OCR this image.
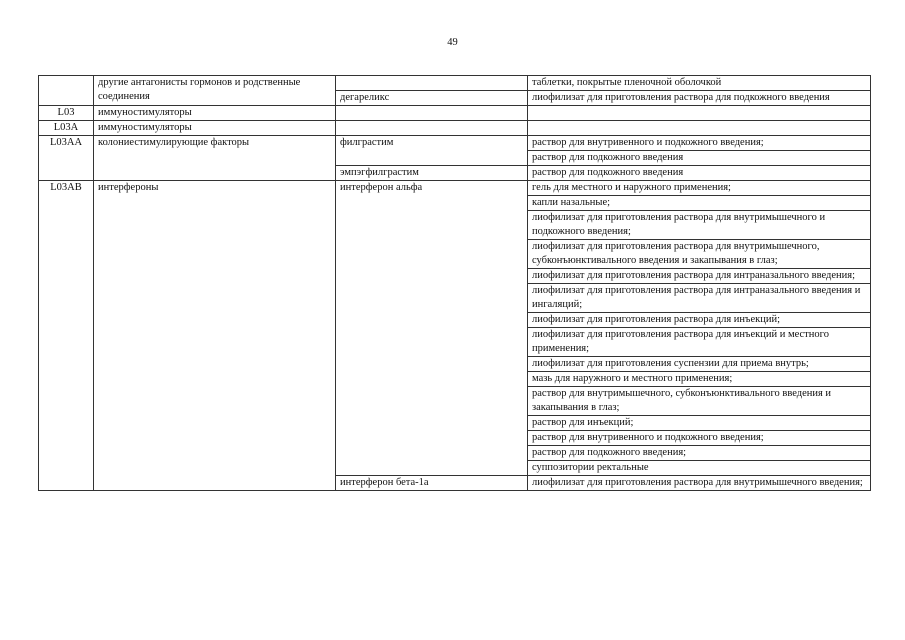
49
	другие антагонисты гормонов и родственные соединения		таблетки, покрытые пленочной оболочкой
		дегареликс	лиофилизат для приготовления раствора для подкожного введения
L03	иммуностимуляторы		
L03A	иммуностимуляторы		
L03AA	колониестимулирующие факторы	филграстим	раствор для внутривенного и подкожного введения;
			раствор для подкожного введения
		эмпэгфилграстим	раствор для подкожного введения
L03AB	интерфероны	интерферон альфа	гель для местного и наружного применения;
			капли назальные;
			лиофилизат для приготовления раствора для внутримышечного и подкожного введения;
			лиофилизат для приготовления раствора для внутримышечного, субконъюнктивального введения и закапывания в глаз;
			лиофилизат для приготовления раствора для интраназального введения;
			лиофилизат для приготовления раствора для интраназального введения и ингаляций;
			лиофилизат для приготовления раствора для инъекций;
			лиофилизат для приготовления раствора для инъекций и местного применения;
			лиофилизат для приготовления суспензии для приема внутрь;
			мазь для наружного и местного применения;
			раствор для внутримышечного, субконъюнктивального введения и закапывания в глаз;
			раствор для инъекций;
			раствор для внутривенного и подкожного введения;
			раствор для подкожного введения;
			суппозитории ректальные
		интерферон бета-1a	лиофилизат для приготовления раствора для внутримышечного введения;
